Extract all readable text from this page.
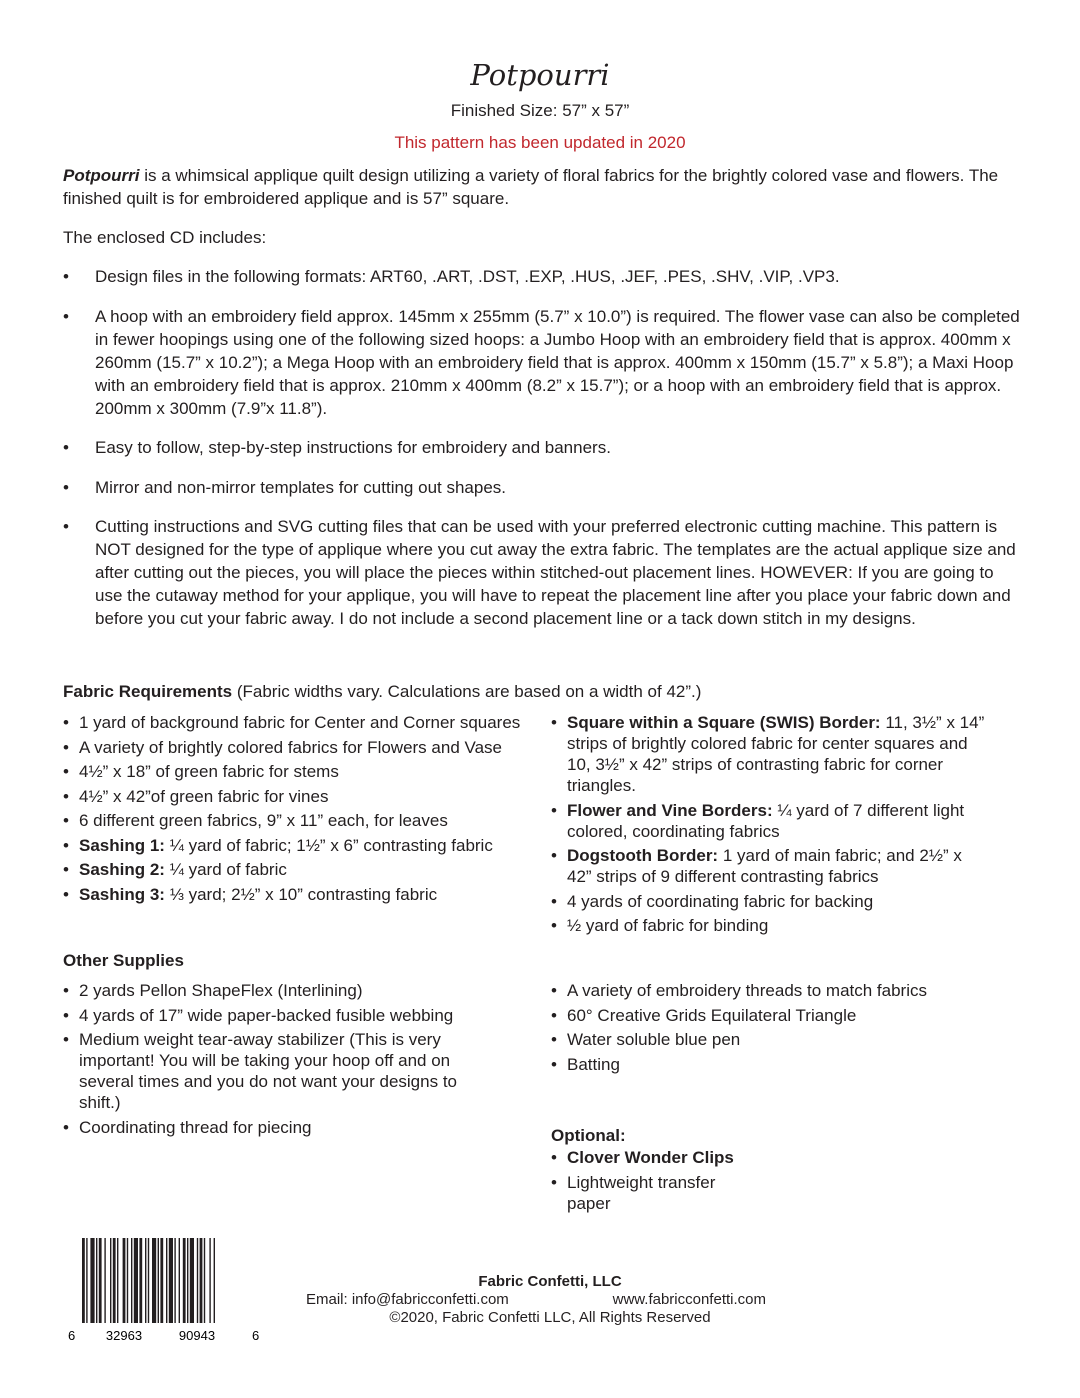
Potpourri
Finished Size: 57” x 57”
This pattern has been updated in 2020

Potpourri is a whimsical applique quilt design utilizing a variety of floral fabrics for the brightly colored vase and flowers. The finished quilt is for embroidered applique and is 57” square.

The enclosed CD includes:
•	Design files in the following formats: ART60, .ART, .DST, .EXP, .HUS, .JEF, .PES, .SHV, .VIP, .VP3.
•	A hoop with an embroidery field approx. 145mm x 255mm (5.7” x 10.0”) is required. The flower vase can also be completed in fewer hoopings using one of the following sized hoops: a Jumbo Hoop with an embroidery field that is approx. 400mm x 260mm (15.7” x 10.2”); a Mega Hoop with an embroidery field that is approx. 400mm x 150mm (15.7” x 5.8”); a Maxi Hoop with an embroidery field that is approx. 210mm x 400mm (8.2” x 15.7”); or a hoop with an embroidery field that is approx. 200mm x 300mm (7.9”x 11.8”).
•	Easy to follow, step-by-step instructions for embroidery and banners.
•	Mirror and non-mirror templates for cutting out shapes.
•	Cutting instructions and SVG cutting files that can be used with your preferred electronic cutting machine. This pattern is NOT designed for the type of applique where you cut away the extra fabric. The templates are the actual applique size and after cutting out the pieces, you will place the pieces within stitched-out placement lines. HOWEVER: If you are going to use the cutaway method for your applique, you will have to repeat the placement line after you place your fabric down and before you cut your fabric away. I do not include a second placement line or a tack down stitch in my designs.
Fabric Requirements (Fabric widths vary. Calculations are based on a width of 42”.)
• 1 yard of background fabric for Center and Corner squares
• A variety of brightly colored fabrics for Flowers and Vase
• 4½” x 18” of green fabric for stems
• 4½” x 42”of green fabric for vines
• 6 different green fabrics, 9” x 11” each, for leaves
• Sashing 1: ¼ yard of fabric; 1½” x 6” contrasting fabric
• Sashing 2: ¼ yard of fabric
• Sashing 3: ⅓ yard; 2½” x 10” contrasting fabric
• Square within a Square (SWIS) Border: 11, 3½” x 14” strips of brightly colored fabric for center squares and 10, 3½” x 42” strips of contrasting fabric for corner triangles.
• Flower and Vine Borders: ¼ yard of 7 different light colored, coordinating fabrics
• Dogstooth Border: 1 yard of main fabric; and 2½” x 42” strips of 9 different contrasting fabrics
• 4 yards of coordinating fabric for backing
• ½ yard of fabric for binding
Other Supplies
• 2 yards Pellon ShapeFlex (Interlining)
• 4 yards of 17” wide paper-backed fusible webbing
• Medium weight tear-away stabilizer (This is very important! You will be taking your hoop off and on several times and you do not want your designs to shift.)
• Coordinating thread for piecing
• A variety of embroidery threads to match fabrics
• 60° Creative Grids Equilateral Triangle
• Water soluble blue pen
• Batting
Optional:
• Clover Wonder Clips
• Lightweight transfer paper
6 32963	90943	6
Fabric Confetti, LLC
Email: info@fabricconfetti.com	www.fabricconfetti.com
©2020, Fabric Confetti LLC, All Rights Reserved
